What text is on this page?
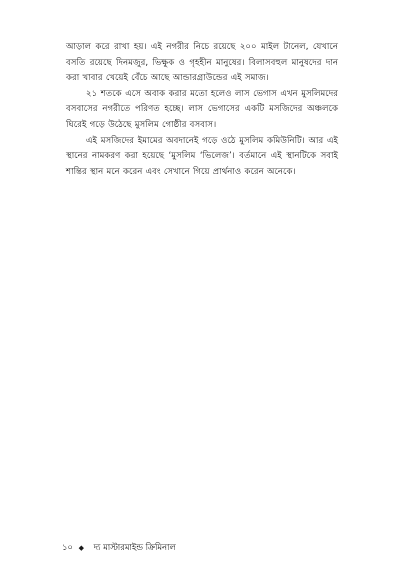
আড়াল করে রাখা হয়। এই নগরীর নিচে রয়েছে ২০০ মাইল টানেল, যেখানে বসতি রয়েছে দিনমজুর, ভিক্ষুক ও গৃহহীন মানুষের। বিলাসবহুল মানুষদের দান করা খাবার খেয়েই বেঁচে আছে আন্ডারগ্রাউন্ডের এই সমাজ।

২১ শতকে এসে অবাক করার মতো হলেও লাস ভেগাস এখন মুসলিমদের বসবাসের নগরীতে পরিণত হচ্ছে। লাস ভেগাসের একটি মসজিদের অঞ্চলকে ঘিরেই গড়ে উঠেছে মুসলিম গোষ্ঠীর বসবাস।

এই মসজিদের ইমামের অবদানেই গড়ে ওঠে মুসলিম কমিউনিটি। আর এই স্থানের নামকরণ করা হয়েছে ‘মুসলিম ‘ভিলেজ’। বর্তমানে এই স্থানটিকে সবাই শান্তির স্থান মনে করেন এবং সেখানে গিয়ে প্রার্থনাও করেন অনেকে।

১০ ◆ দ্য মাস্টারমাইন্ড ক্রিমিনাল
